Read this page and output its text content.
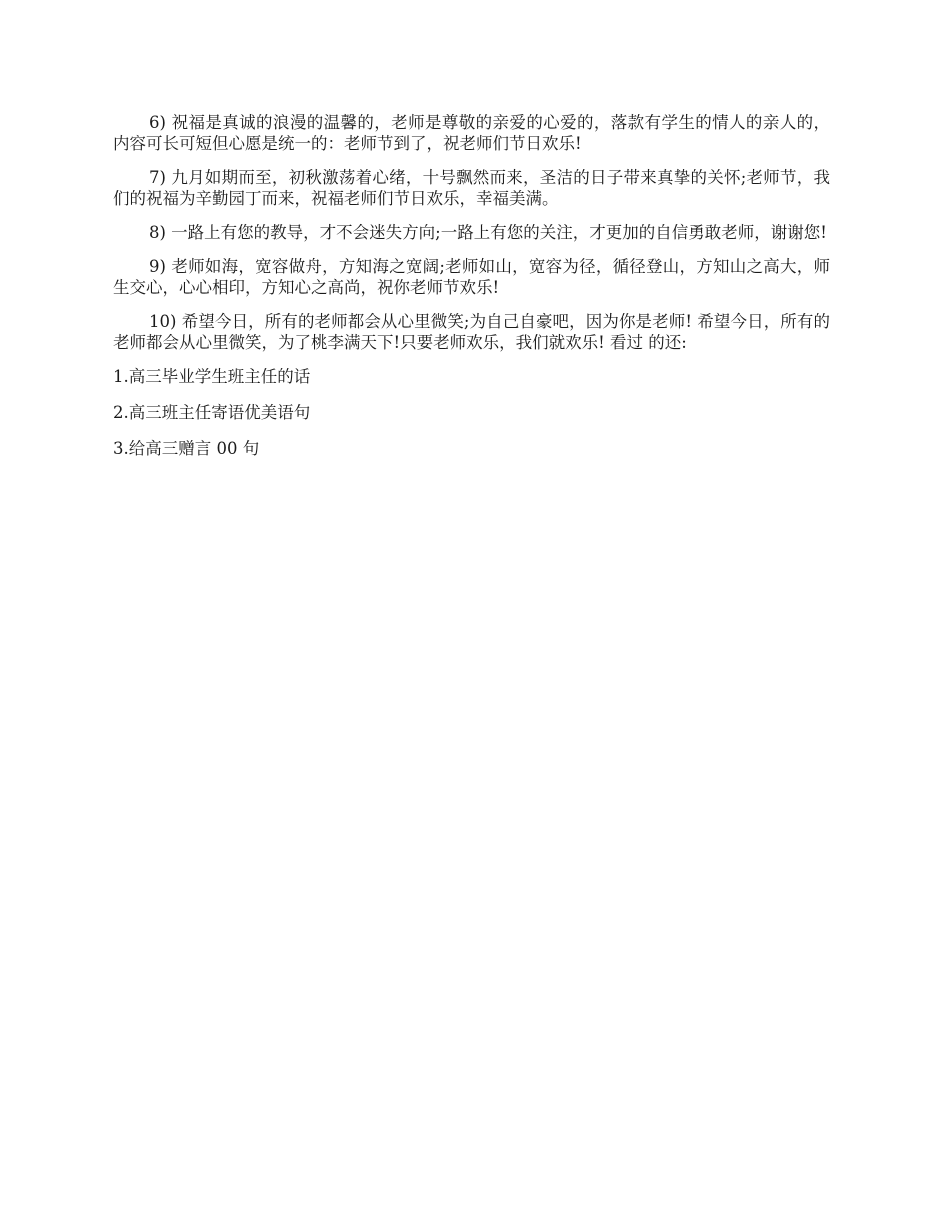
6) 祝福是真诚的浪漫的温馨的，老师是尊敬的亲爱的心爱的，落款有学生的情人的亲人的，内容可长可短但心愿是统一的：老师节到了，祝老师们节日欢乐!

7) 九月如期而至，初秋激荡着心绪，十号飘然而来，圣洁的日子带来真挚的关怀;老师节，我们的祝福为辛勤园丁而来，祝福老师们节日欢乐，幸福美满。

8) 一路上有您的教导，才不会迷失方向;一路上有您的关注，才更加的自信勇敢老师，谢谢您!

9) 老师如海，宽容做舟，方知海之宽阔;老师如山，宽容为径，循径登山，方知山之高大，师生交心，心心相印，方知心之高尚，祝你老师节欢乐!

10) 希望今日，所有的老师都会从心里微笑;为自己自豪吧，因为你是老师! 希望今日，所有的老师都会从心里微笑，为了桃李满天下!只要老师欢乐，我们就欢乐! 看过 的还:

1.高三毕业学生班主任的话

2.高三班主任寄语优美语句

3.给高三赠言 00 句
